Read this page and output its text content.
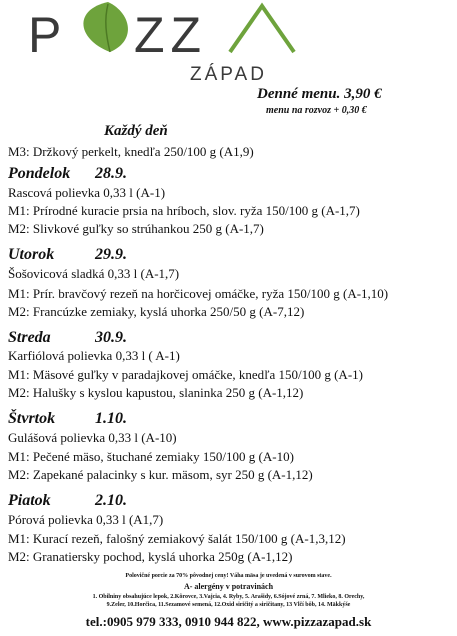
P ZZ
ZÁPAD
Denné menu. 3,90 €
menu na rozvoz + 0,30 €
Každý deň
M3: Držkový perkelt, knedľa 250/100 g (A1,9)
Pondelok 28.9.
Rascová polievka 0,33 l (A-1)
M1: Prírodné kuracie prsia na hríboch, slov. ryža 150/100 g (A-1,7)
M2: Slivkové guľky so strúhankou 250 g (A-1,7)
Utorok	29.9.
Šošovicová sladká 0,33 l (A-1,7)
M1: Prír. bravčový rezeň na horčicovej omáčke, ryža 150/100 g (A-1,10)
M2: Francúzke zemiaky, kyslá uhorka 250/50 g (A-7,12)
Streda	30.9.
Karfiólová polievka 0,33 l ( A-1)
M1: Mäsové guľky v paradajkovej omáčke, knedľa 150/100 g (A-1)
M2: Halušky s kyslou kapustou, slaninka 250 g (A-1,12)
Štvrtok 1.10.
Gulášová polievka 0,33 l (A-10)
M1: Pečené mäso, štuchané zemiaky 150/100 g (A-10)
M2: Zapekané palacinky s kur. mäsom, syr 250 g (A-1,12)
Piatok	2.10.
Pórová polievka 0,33 l (A1,7)
M1: Kurací rezeň, falošný zemiakový šalát 150/100 g (A-1,3,12)
M2: Granatiersky pochod, kyslá uhorka 250g (A-1,12)
Polovičné porcie za 70% pôvodnej ceny! Váha mäsa je uvedená v surovom stave.
A- alergény v potravinách
1. Obilniny obsahujúce lepok, 2.Kôrovce, 3.Vajcia, 4. Ryby, 5. Arašidy, 6.Sójové zrná, 7. Mlieko, 8. Orechy,
9.Zeler, 10.Horčica, 11.Sezamové semená, 12.Oxid siričitý a siričitany, 13 Vlčí bôb, 14. Mäkkýše
tel.:0905 979 333, 0910 944 822, www.pizzazapad.sk
